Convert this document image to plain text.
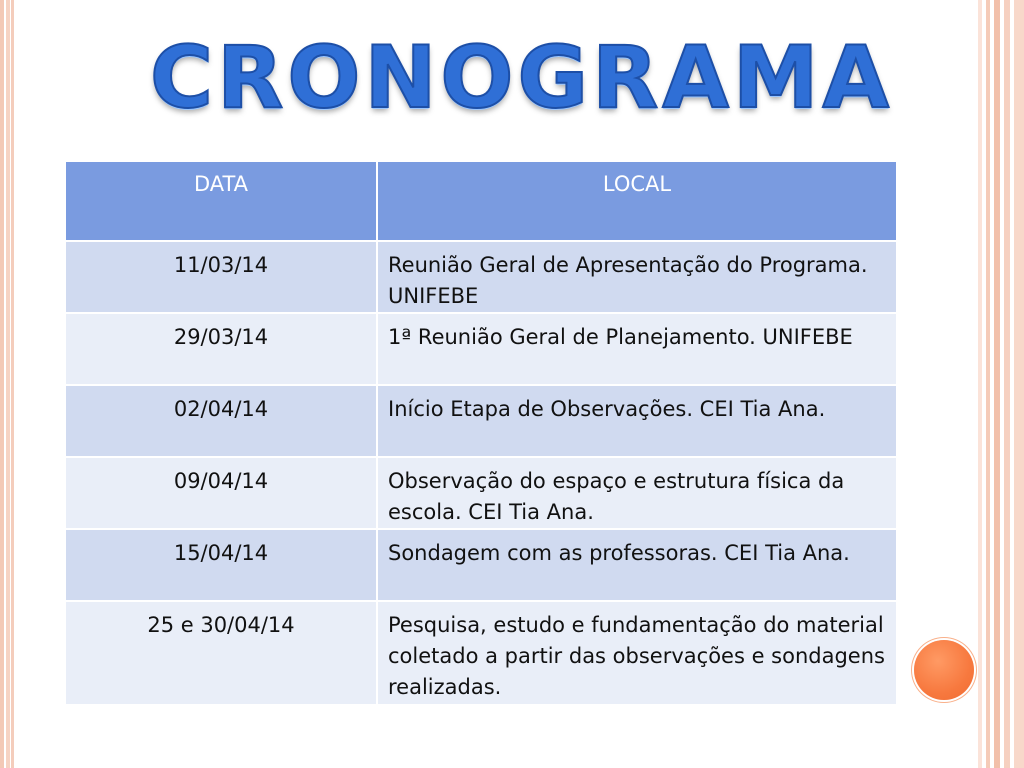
CRONOGRAMA
DATA	LOCAL
11/03/14	Reunião Geral de Apresentação do Programa. UNIFEBE
29/03/14	1ª Reunião Geral de Planejamento. UNIFEBE
02/04/14	Início Etapa de Observações. CEI Tia Ana.
09/04/14	Observação do espaço e estrutura física da escola. CEI Tia Ana.
15/04/14	Sondagem com as professoras. CEI Tia Ana.
25 e 30/04/14	Pesquisa, estudo e fundamentação do material coletado a partir das observações e sondagens realizadas.
